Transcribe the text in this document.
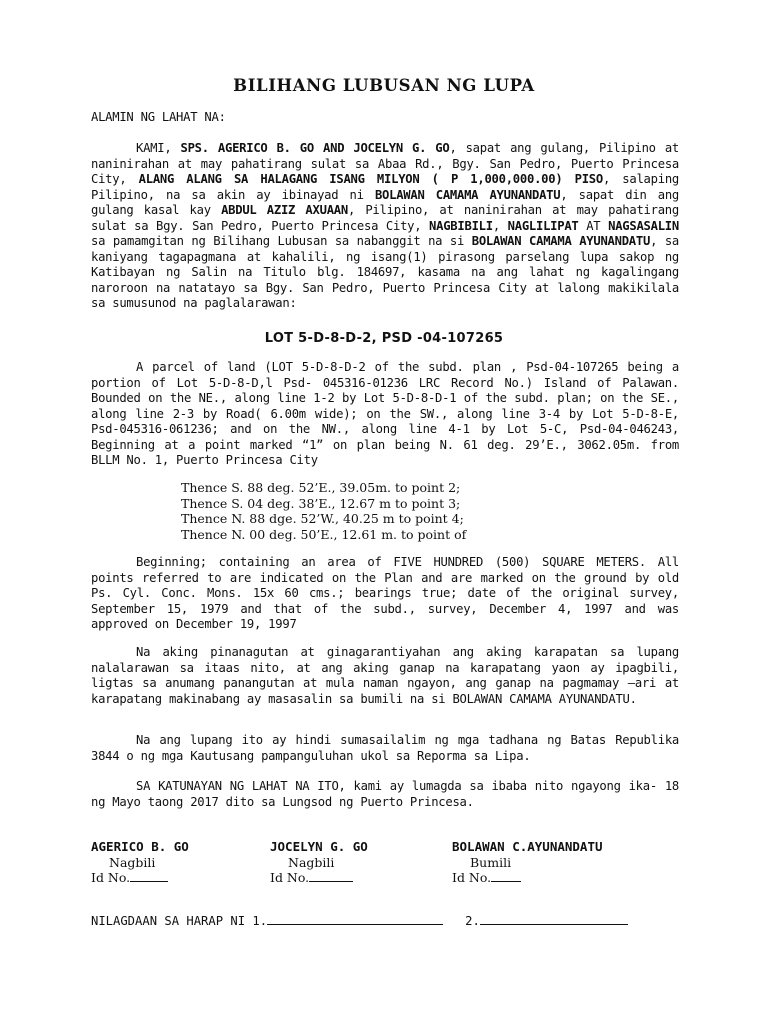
BILIHANG LUBUSAN NG LUPA
ALAMIN NG LAHAT NA:
KAMI, SPS. AGERICO B. GO AND JOCELYN G. GO, sapat ang gulang, Pilipino at naninirahan at may pahatirang sulat sa Abaa Rd., Bgy. San Pedro, Puerto Princesa City, ALANG ALANG SA HALAGANG ISANG MILYON ( P 1,000,000.00) PISO, salaping Pilipino, na sa akin ay ibinayad ni BOLAWAN CAMAMA AYUNANDATU, sapat din ang gulang kasal kay ABDUL AZIZ AXUAAN, Pilipino, at naninirahan at may pahatirang sulat sa Bgy. San Pedro, Puerto Princesa City, NAGBIBILI, NAGLILIPAT AT NAGSASALIN sa pamamgitan ng Bilihang Lubusan sa nabanggit na si BOLAWAN CAMAMA AYUNANDATU, sa kaniyang tagapagmana at kahalili, ng isang(1) pirasong parselang lupa sakop ng Katibayan ng Salin na Titulo blg. 184697, kasama na ang lahat ng kagalingang naroroon na natatayo sa Bgy. San Pedro, Puerto Princesa City at lalong makikilala sa sumusunod na paglalarawan:
LOT 5-D-8-D-2, PSD -04-107265
A parcel of land (LOT 5-D-8-D-2 of the subd. plan , Psd-04-107265 being a portion of Lot 5-D-8-D,l Psd- 045316-01236 LRC Record No.) Island of Palawan. Bounded on the NE., along line 1-2 by Lot 5-D-8-D-1 of the subd. plan; on the SE., along line 2-3 by Road( 6.00m wide); on the SW., along line 3-4 by Lot 5-D-8-E, Psd-045316-061236; and on the NW., along line 4-1 by Lot 5-C, Psd-04-046243, Beginning at a point marked “1” on plan being N. 61 deg. 29’E., 3062.05m. from BLLM No. 1, Puerto Princesa City
Thence S. 88 deg. 52’E., 39.05m. to point 2;
Thence S. 04 deg. 38’E., 12.67 m to point 3;
Thence N. 88 dge. 52’W., 40.25 m to point 4;
Thence N. 00 deg. 50’E., 12.61 m. to point of
Beginning; containing an area of FIVE HUNDRED (500) SQUARE METERS. All points referred to are indicated on the Plan and are marked on the ground by old Ps. Cyl. Conc. Mons. 15x 60 cms.; bearings true; date of the original survey, September 15, 1979 and that of the subd., survey, December 4, 1997 and was approved on December 19, 1997
Na aking pinanagutan at ginagarantiyahan ang aking karapatan sa lupang nalalarawan sa itaas nito, at ang aking ganap na karapatang yaon ay ipagbili, ligtas sa anumang panangutan at mula naman ngayon, ang ganap na pagmamay –ari at karapatang makinabang ay masasalin sa bumili na si BOLAWAN CAMAMA AYUNANDATU.
Na ang lupang ito ay hindi sumasailalim ng mga tadhana ng Batas Republika 3844 o ng mga Kautusang pampanguluhan ukol sa Reporma sa Lipa.
SA KATUNAYAN NG LAHAT NA ITO, kami ay lumagda sa ibaba nito ngayong ika- 18 ng Mayo taong 2017 dito sa Lungsod ng Puerto Princesa.
AGERICO B. GO
Nagbili
Id No.
JOCELYN G. GO
Nagbili
Id No.
BOLAWAN C.AYUNANDATU
Bumili
Id No.
NILAGDAAN SA HARAP NI 1.	2.
